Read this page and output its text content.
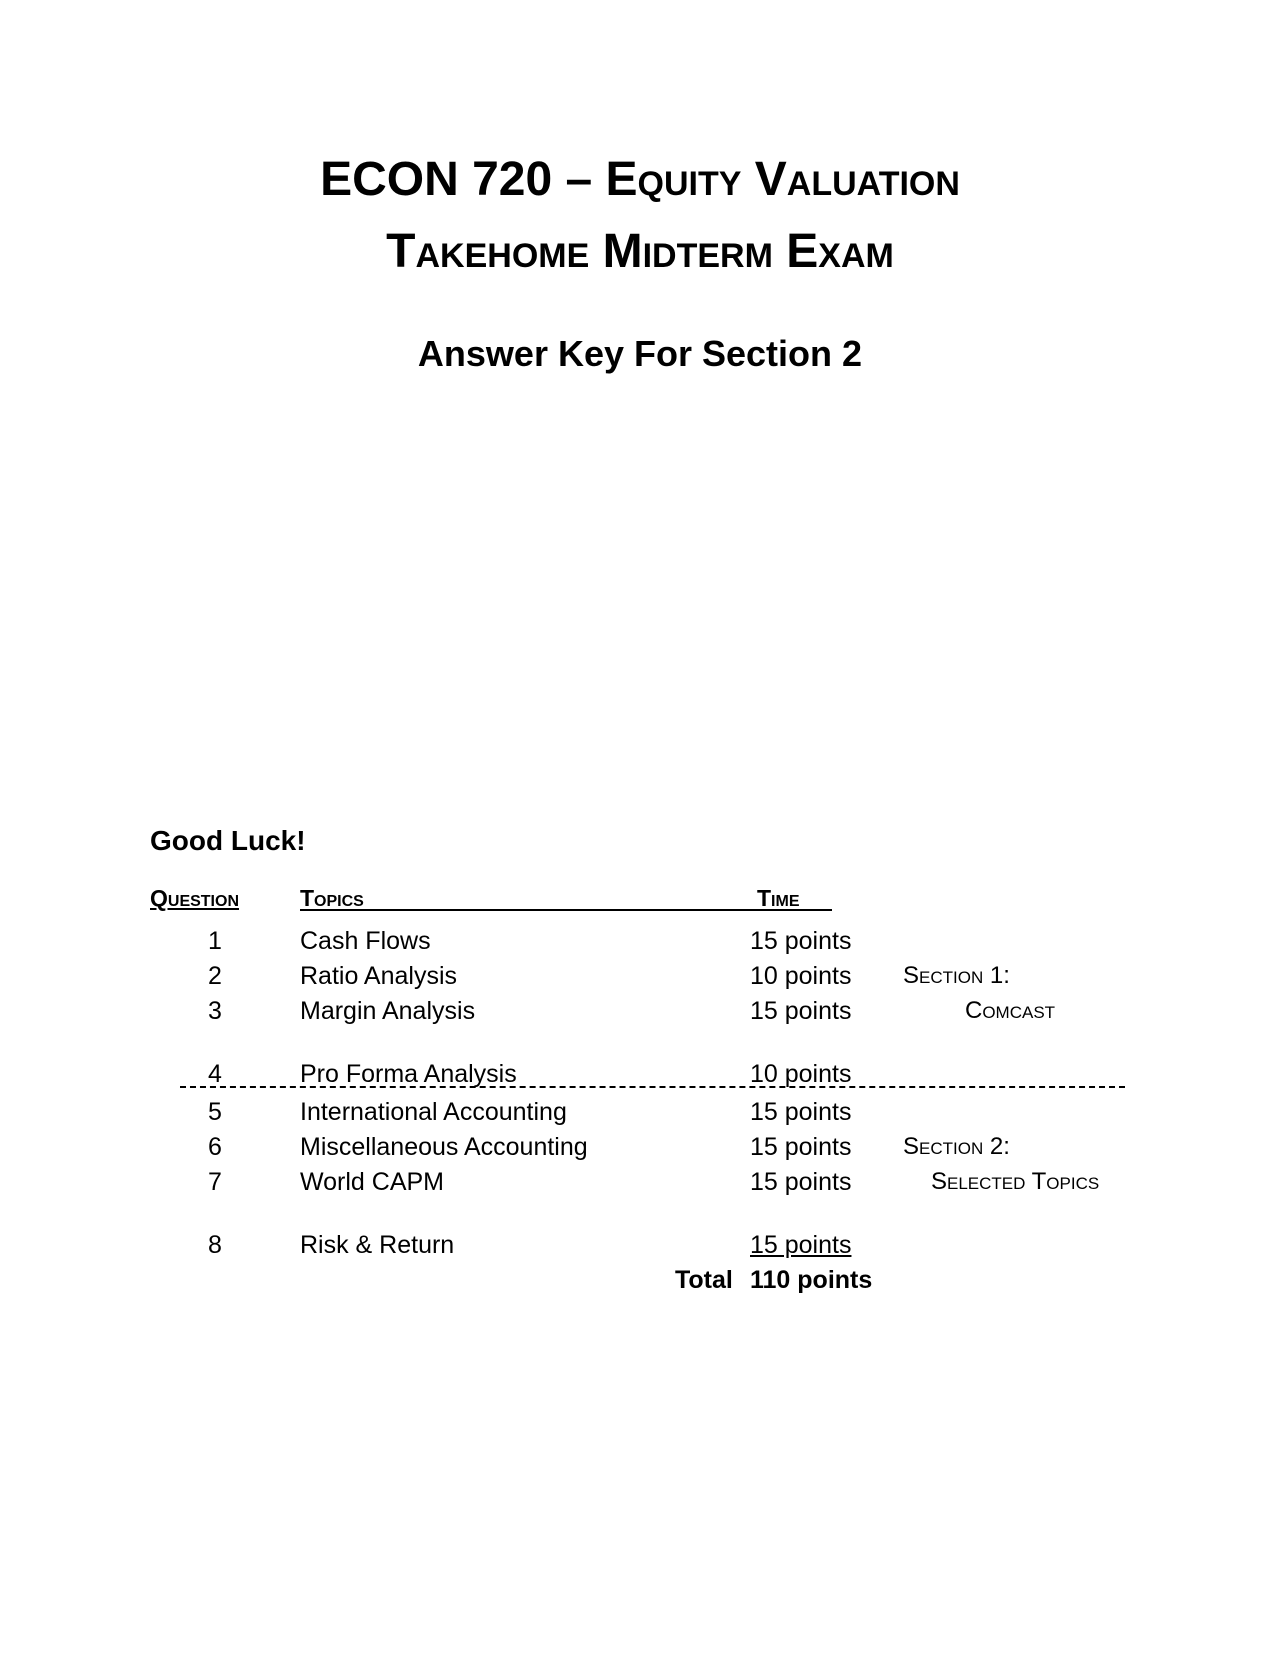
ECON 720 – Equity Valuation
Takehome Midterm Exam
Answer Key For Section 2
Good Luck!
Question	Topics	Time
1	Cash Flows	15 points
2	Ratio Analysis	10 points
3	Margin Analysis	15 points
4	Pro Forma Analysis	10 points
5	International Accounting	15 points
6	Miscellaneous Accounting	15 points
7	World CAPM	15 points
8	Risk & Return	15 points
Section 1:
Comcast
Section 2:
Selected Topics
Total 110 points
